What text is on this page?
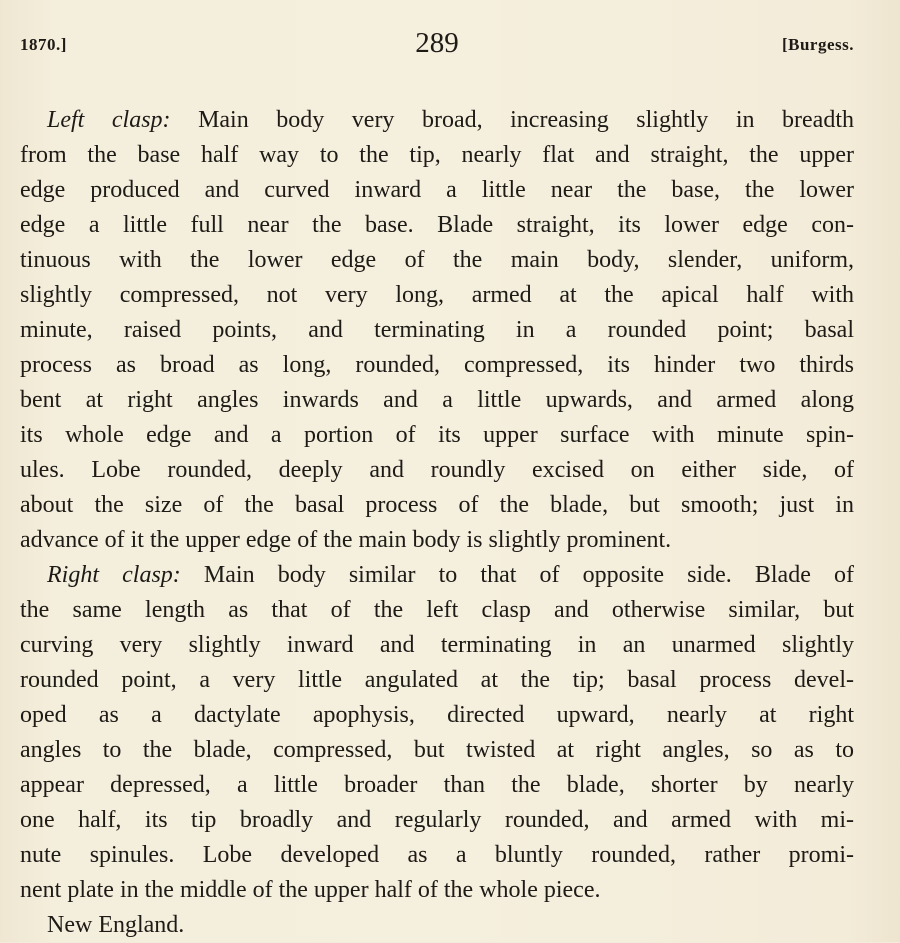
1870.]	289	[Burgess.
Left clasp: Main body very broad, increasing slightly in breadth
from the base half way to the tip, nearly flat and straight, the upper
edge produced and curved inward a little near the base, the lower
edge a little full near the base. Blade straight, its lower edge con-
tinuous with the lower edge of the main body, slender, uniform,
slightly compressed, not very long, armed at the apical half with
minute, raised points, and terminating in a rounded point; basal
process as broad as long, rounded, compressed, its hinder two thirds
bent at right angles inwards and a little upwards, and armed along
its whole edge and a portion of its upper surface with minute spin-
ules. Lobe rounded, deeply and roundly excised on either side, of
about the size of the basal process of the blade, but smooth; just in
advance of it the upper edge of the main body is slightly prominent.
Right clasp: Main body similar to that of opposite side. Blade of
the same length as that of the left clasp and otherwise similar, but
curving very slightly inward and terminating in an unarmed slightly
rounded point, a very little angulated at the tip; basal process devel-
oped as a dactylate apophysis, directed upward, nearly at right
angles to the blade, compressed, but twisted at right angles, so as to
appear depressed, a little broader than the blade, shorter by nearly
one half, its tip broadly and regularly rounded, and armed with mi-
nute spinules. Lobe developed as a bluntly rounded, rather promi-
nent plate in the middle of the upper half of the whole piece.
New England.
